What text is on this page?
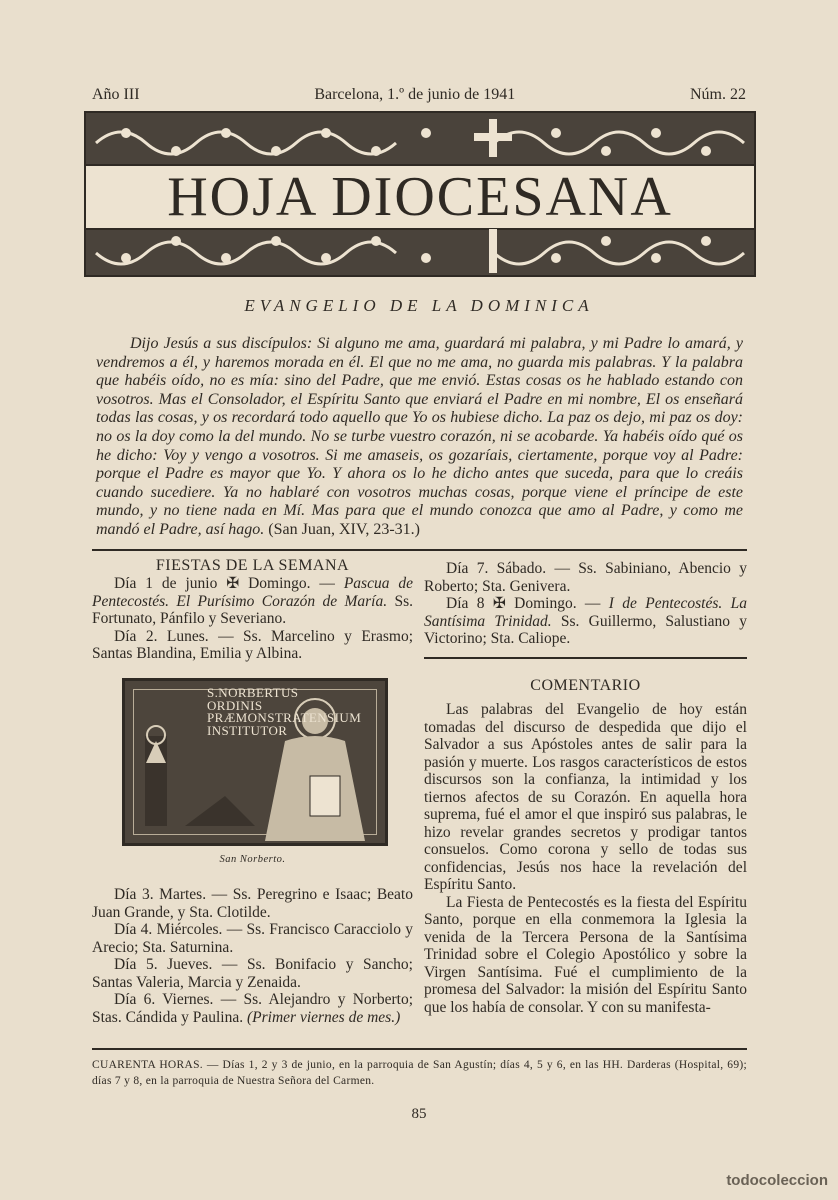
Año III	Barcelona, 1.º de junio de 1941	Núm. 22
HOJA DIOCESANA
EVANGELIO DE LA DOMINICA

Dijo Jesús a sus discípulos: Si alguno me ama, guardará mi palabra, y mi Padre lo amará, y vendremos a él, y haremos morada en él. El que no me ama, no guarda mis palabras. Y la palabra que habéis oído, no es mía: sino del Padre, que me envió. Estas cosas os he hablado estando con vosotros. Mas el Consolador, el Espíritu Santo que enviará el Padre en mi nombre, El os enseñará todas las cosas, y os recordará todo aquello que Yo os hubiese dicho. La paz os dejo, mi paz os doy: no os la doy como la del mundo. No se turbe vuestro corazón, ni se acobarde. Ya habéis oído qué os he dicho: Voy y vengo a vosotros. Si me amaseis, os gozaríais, ciertamente, porque voy al Padre: porque el Padre es mayor que Yo. Y ahora os lo he dicho antes que suceda, para que lo creáis cuando sucediere. Ya no hablaré con vosotros muchas cosas, porque viene el príncipe de este mundo, y no tiene nada en Mí. Mas para que el mundo conozca que amo al Padre, y como me mandó el Padre, así hago. (San Juan, XIV, 23-31.)

FIESTAS DE LA SEMANA

Día 1 de junio ✠ Domingo. — Pascua de Pentecostés. El Purísimo Corazón de María. Ss. Fortunato, Pánfilo y Severiano.

Día 2. Lunes. — Ss. Marcelino y Erasmo; Santas Blandina, Emilia y Albina.

Día 7. Sábado. — Ss. Sabiniano, Abencio y Roberto; Sta. Genivera.

Día 8 ✠ Domingo. — I de Pentecostés. La Santísima Trinidad. Ss. Guillermo, Salustiano y Victorino; Sta. Caliope.

S.NORBERTUS ORDINIS PRÆMONSTRATENSIUM INSTITUTOR
San Norberto.

Día 3. Martes. — Ss. Peregrino e Isaac; Beato Juan Grande, y Sta. Clotilde.

Día 4. Miércoles. — Ss. Francisco Caracciolo y Arecio; Sta. Saturnina.

Día 5. Jueves. — Ss. Bonifacio y Sancho; Santas Valeria, Marcia y Zenaida.

Día 6. Viernes. — Ss. Alejandro y Norberto; Stas. Cándida y Paulina. (Primer viernes de mes.)

COMENTARIO

Las palabras del Evangelio de hoy están tomadas del discurso de despedida que dijo el Salvador a sus Apóstoles antes de salir para la pasión y muerte. Los rasgos característicos de estos discursos son la confianza, la intimidad y los tiernos afectos de su Corazón. En aquella hora suprema, fué el amor el que inspiró sus palabras, le hizo revelar grandes secretos y prodigar tantos consuelos. Como corona y sello de todas sus confidencias, Jesús nos hace la revelación del Espíritu Santo.

La Fiesta de Pentecostés es la fiesta del Espíritu Santo, porque en ella conmemora la Iglesia la venida de la Tercera Persona de la Santísima Trinidad sobre el Colegio Apostólico y sobre la Virgen Santísima. Fué el cumplimiento de la promesa del Salvador: la misión del Espíritu Santo que los había de consolar. Y con su manifesta-

CUARENTA HORAS. — Días 1, 2 y 3 de junio, en la parroquia de San Agustín; días 4, 5 y 6, en las HH. Darderas (Hospital, 69); días 7 y 8, en la parroquia de Nuestra Señora del Carmen.

85
todocoleccion
